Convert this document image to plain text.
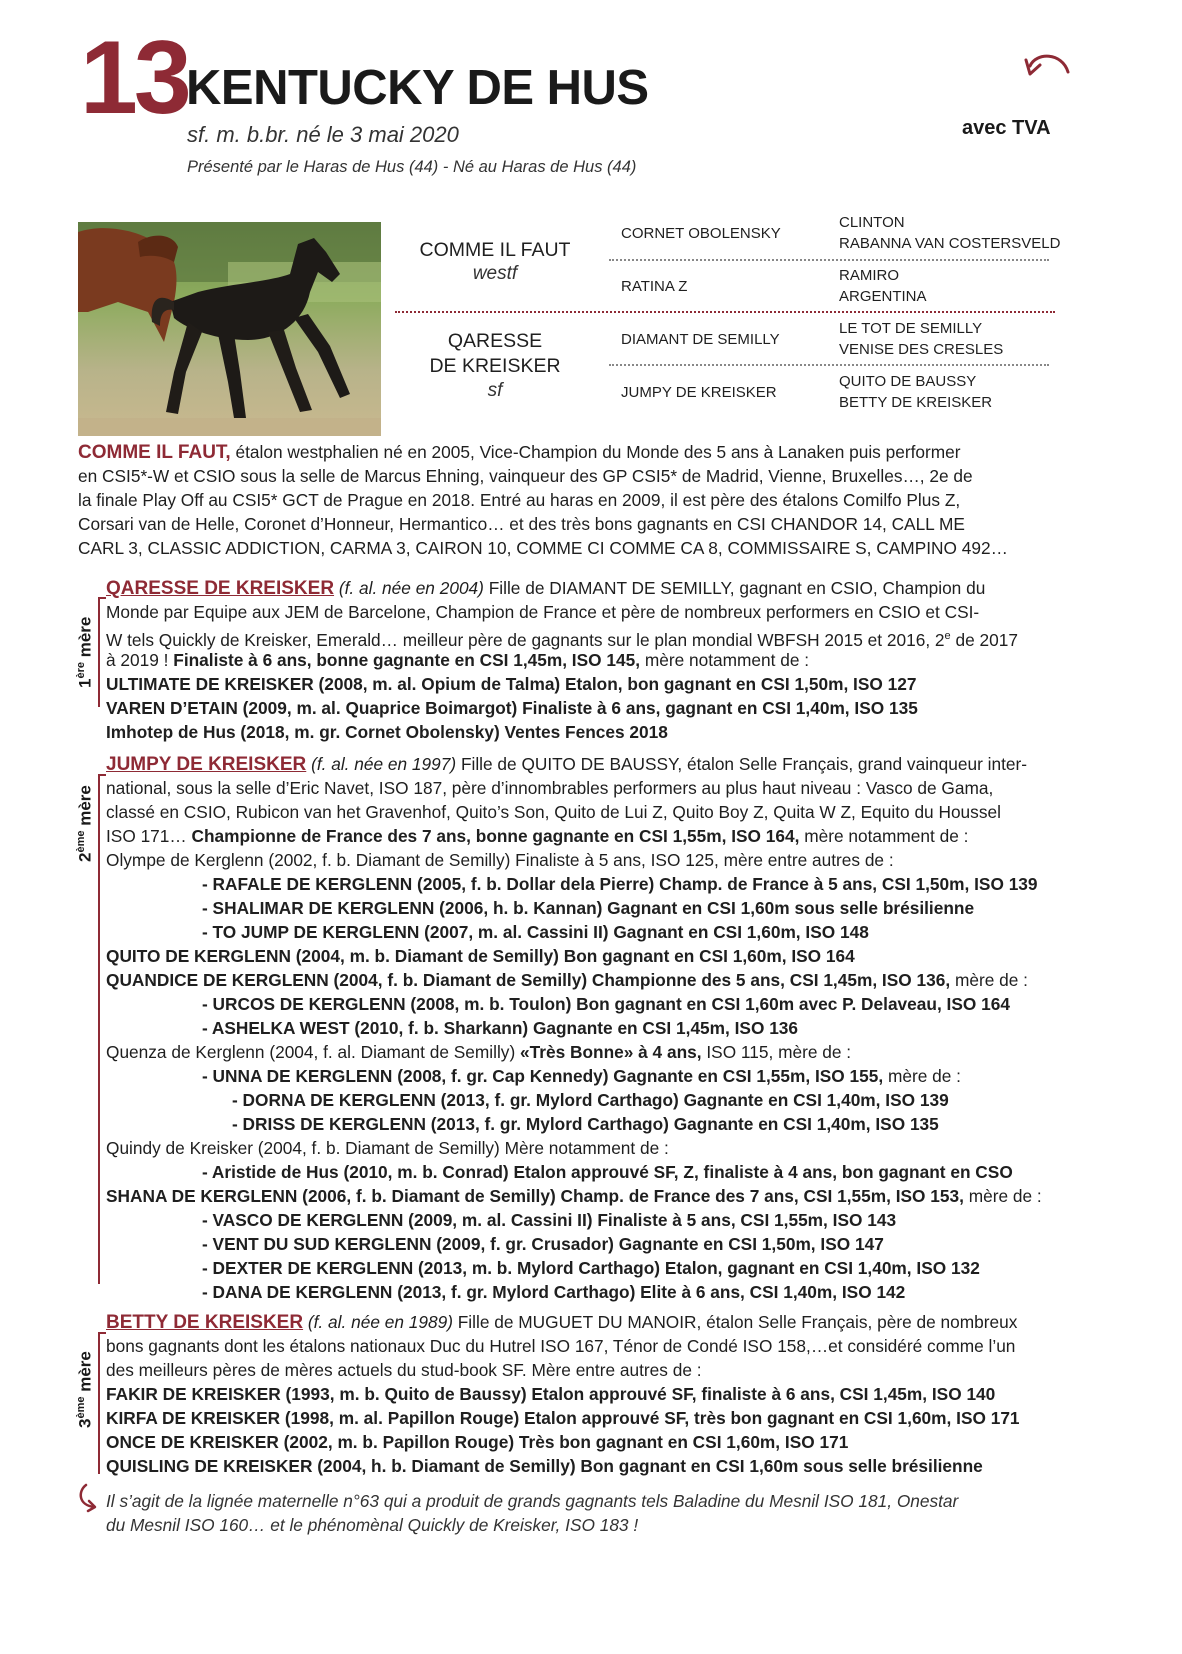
13
KENTUCKY DE HUS
sf. m. b.br. né le 3 mai 2020
Présenté par le Haras de Hus (44) - Né au Haras de Hus (44)
avec TVA
COMME IL FAUT
westf
QARESSE
DE KREISKER
sf
CORNET OBOLENSKY
RATINA Z
DIAMANT DE SEMILLY
JUMPY DE KREISKER
CLINTON
RABANNA VAN COSTERSVELD
RAMIRO
ARGENTINA
LE TOT DE SEMILLY
VENISE DES CRESLES
QUITO DE BAUSSY
BETTY DE KREISKER
COMME IL FAUT, étalon westphalien né en 2005, Vice-Champion du Monde des 5 ans à Lanaken puis performer
en CSI5*-W et CSIO sous la selle de Marcus Ehning, vainqueur des GP CSI5* de Madrid, Vienne, Bruxelles…, 2e de
la finale Play Off au CSI5* GCT de Prague en 2018. Entré au haras en 2009, il est père des étalons Comilfo Plus Z,
Corsari van de Helle, Coronet d’Honneur, Hermantico… et des très bons gagnants en CSI CHANDOR 14, CALL ME
CARL 3, CLASSIC ADDICTION, CARMA 3, CAIRON 10, COMME CI COMME CA 8, COMMISSAIRE S, CAMPINO 492…
1ère mère
QARESSE DE KREISKER (f. al. née en 2004) Fille de DIAMANT DE SEMILLY, gagnant en CSIO, Champion du
Monde par Equipe aux JEM de Barcelone, Champion de France et père de nombreux performers en CSIO et CSI-
W tels Quickly de Kreisker, Emerald… meilleur père de gagnants sur le plan mondial WBFSH 2015 et 2016, 2e de 2017
à 2019 ! Finaliste à 6 ans, bonne gagnante en CSI 1,45m, ISO 145, mère notamment de :
ULTIMATE DE KREISKER (2008, m. al. Opium de Talma) Etalon, bon gagnant en CSI 1,50m, ISO 127
VAREN D’ETAIN (2009, m. al. Quaprice Boimargot) Finaliste à 6 ans, gagnant en CSI 1,40m, ISO 135
Imhotep de Hus (2018, m. gr. Cornet Obolensky) Ventes Fences 2018
2ème mère
JUMPY DE KREISKER (f. al. née en 1997) Fille de QUITO DE BAUSSY, étalon Selle Français, grand vainqueur inter-
national, sous la selle d’Eric Navet, ISO 187, père d’innombrables performers au plus haut niveau : Vasco de Gama,
classé en CSIO, Rubicon van het Gravenhof, Quito’s Son, Quito de Lui Z, Quito Boy Z, Quita W Z, Equito du Houssel
ISO 171… Championne de France des 7 ans, bonne gagnante en CSI 1,55m, ISO 164, mère notamment de :
Olympe de Kerglenn (2002, f. b. Diamant de Semilly) Finaliste à 5 ans, ISO 125, mère entre autres de :
- RAFALE DE KERGLENN (2005, f. b. Dollar dela Pierre) Champ. de France à 5 ans, CSI 1,50m, ISO 139
- SHALIMAR DE KERGLENN (2006, h. b. Kannan) Gagnant en CSI 1,60m sous selle brésilienne
- TO JUMP DE KERGLENN (2007, m. al. Cassini II) Gagnant en CSI 1,60m, ISO 148
QUITO DE KERGLENN (2004, m. b. Diamant de Semilly) Bon gagnant en CSI 1,60m, ISO 164
QUANDICE DE KERGLENN (2004, f. b. Diamant de Semilly) Championne des 5 ans, CSI 1,45m, ISO 136, mère de :
- URCOS DE KERGLENN (2008, m. b. Toulon) Bon gagnant en CSI 1,60m avec P. Delaveau, ISO 164
- ASHELKA WEST (2010, f. b. Sharkann) Gagnante en CSI 1,45m, ISO 136
Quenza de Kerglenn (2004, f. al. Diamant de Semilly) «Très Bonne» à 4 ans, ISO 115, mère de :
- UNNA DE KERGLENN (2008, f. gr. Cap Kennedy) Gagnante en CSI 1,55m, ISO 155, mère de :
- DORNA DE KERGLENN (2013, f. gr. Mylord Carthago) Gagnante en CSI 1,40m, ISO 139
- DRISS DE KERGLENN (2013, f. gr. Mylord Carthago) Gagnante en CSI 1,40m, ISO 135
Quindy de Kreisker (2004, f. b. Diamant de Semilly) Mère notamment de :
- Aristide de Hus (2010, m. b. Conrad) Etalon approuvé SF, Z, finaliste à 4 ans, bon gagnant en CSO
SHANA DE KERGLENN (2006, f. b. Diamant de Semilly) Champ. de France des 7 ans, CSI 1,55m, ISO 153, mère de :
- VASCO DE KERGLENN (2009, m. al. Cassini II) Finaliste à 5 ans, CSI 1,55m, ISO 143
- VENT DU SUD KERGLENN (2009, f. gr. Crusador) Gagnante en CSI 1,50m, ISO 147
- DEXTER DE KERGLENN (2013, m. b. Mylord Carthago) Etalon, gagnant en CSI 1,40m, ISO 132
- DANA DE KERGLENN (2013, f. gr. Mylord Carthago) Elite à 6 ans, CSI 1,40m, ISO 142
3ème mère
BETTY DE KREISKER (f. al. née en 1989) Fille de MUGUET DU MANOIR, étalon Selle Français, père de nombreux
bons gagnants dont les étalons nationaux Duc du Hutrel ISO 167, Ténor de Condé ISO 158,…et considéré comme l’un
des meilleurs pères de mères actuels du stud-book SF. Mère entre autres de :
FAKIR DE KREISKER (1993, m. b. Quito de Baussy) Etalon approuvé SF, finaliste à 6 ans, CSI 1,45m, ISO 140
KIRFA DE KREISKER (1998, m. al. Papillon Rouge) Etalon approuvé SF, très bon gagnant en CSI 1,60m, ISO 171
ONCE DE KREISKER (2002, m. b. Papillon Rouge) Très bon gagnant en CSI 1,60m, ISO 171
QUISLING DE KREISKER (2004, h. b. Diamant de Semilly) Bon gagnant en CSI 1,60m sous selle brésilienne
Il s’agit de la lignée maternelle n°63 qui a produit de grands gagnants tels Baladine du Mesnil ISO 181, Onestar
du Mesnil ISO 160… et le phénomènal Quickly de Kreisker, ISO 183 !
